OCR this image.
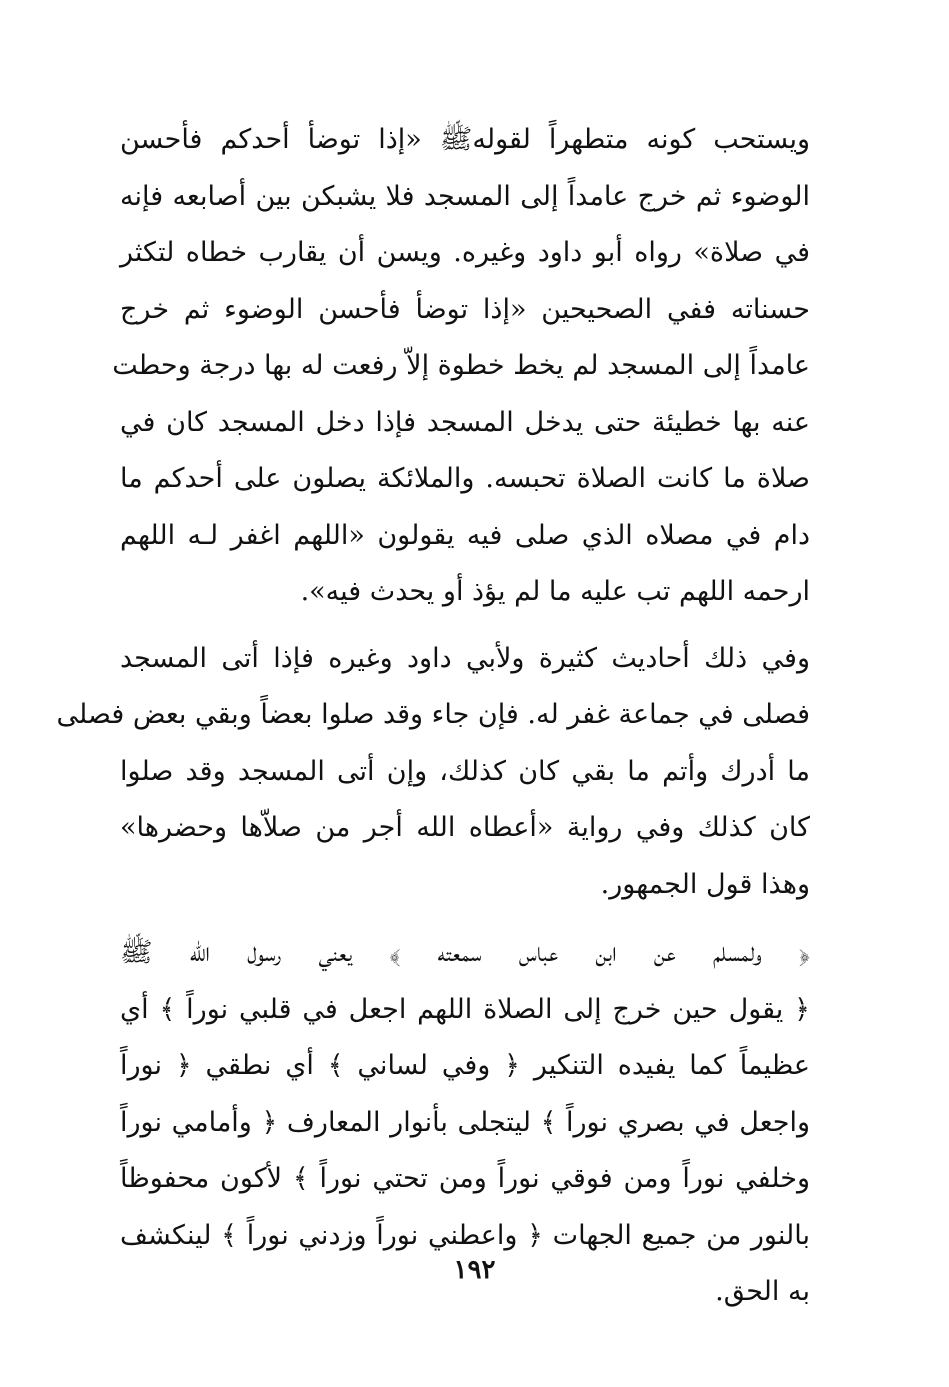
ويستحب كونه متطهراً لقولهﷺ «إذا توضأ أحدكم فأحسن
الوضوء ثم خرج عامداً إلى المسجد فلا يشبكن بين أصابعه فإنه
في صلاة» رواه أبو داود وغيره. ويسن أن يقارب خطاه لتكثر
حسناته ففي الصحيحين «إذا توضأ فأحسن الوضوء ثم خرج
عامداً إلى المسجد لم يخط خطوة إلاّ رفعت له بها درجة وحطت
عنه بها خطيئة حتى يدخل المسجد فإذا دخل المسجد كان في
صلاة ما كانت الصلاة تحبسه. والملائكة يصلون على أحدكم ما
دام في مصلاه الذي صلى فيه يقولون «اللهم اغفر لـه اللهم
ارحمه اللهم تب عليه ما لم يؤذ أو يحدث فيه».

وفي ذلك أحاديث كثيرة ولأبي داود وغيره فإذا أتى المسجد
فصلى في جماعة غفر له. فإن جاء وقد صلوا بعضاً وبقي بعض فصلى
ما أدرك وأتم ما بقي كان كذلك، وإن أتى المسجد وقد صلوا
كان كذلك وفي رواية «أعطاه الله أجر من صلاّها وحضرها»
وهذا قول الجمهور.

﴿ ولمسلم عن ابن عباس سمعته ﴾ يعني رسول الله ﷺ
﴿ يقول حين خرج إلى الصلاة اللهم اجعل في قلبي نوراً ﴾ أي
عظيماً كما يفيده التنكير ﴿ وفي لساني ﴾ أي نطقي ﴿ نوراً
واجعل في بصري نوراً ﴾ ليتجلى بأنوار المعارف ﴿ وأمامي نوراً
وخلفي نوراً ومن فوقي نوراً ومن تحتي نوراً ﴾ لأكون محفوظاً
بالنور من جميع الجهات ﴿ واعطني نوراً وزدني نوراً ﴾ لينكشف
به الحق.

١٩٢
